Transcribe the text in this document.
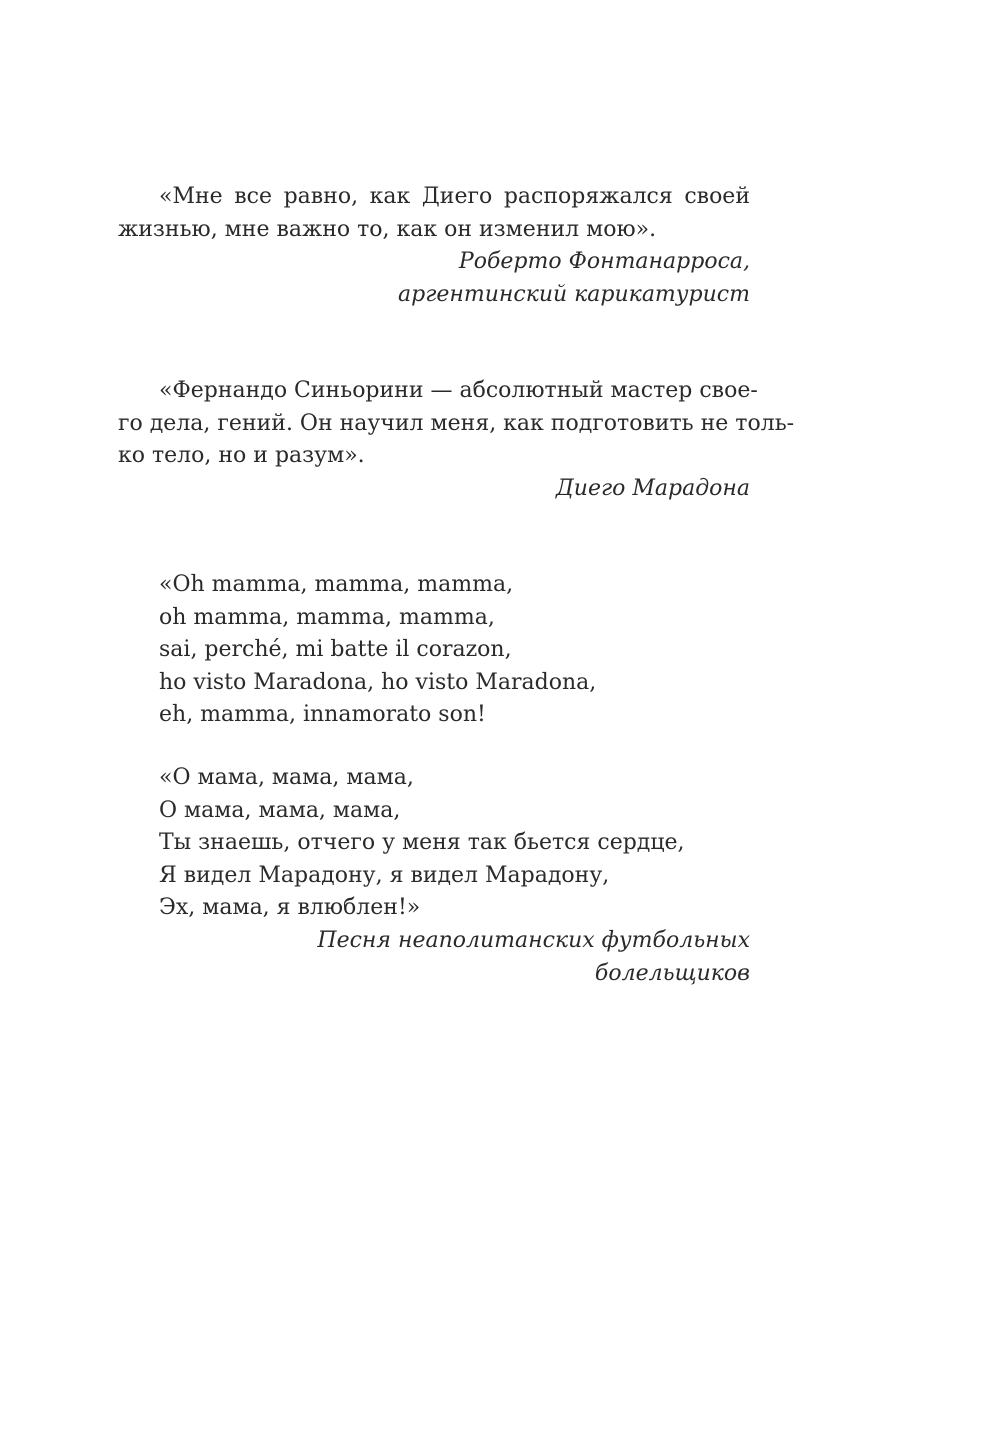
«Мне все равно, как Диего распоряжался своей
жизнью, мне важно то, как он изменил мою».
Роберто Фонтанарроса,
аргентинский карикатурист
«Фернандо Синьорини — абсолютный мастер свое-
го дела, гений. Он научил меня, как подготовить не толь-
ко тело, но и разум».
Диего Марадона
«Oh mamma, mamma, mamma,
oh mamma, mamma, mamma,
sai, perché, mi batte il corazon,
ho visto Maradona, ho visto Maradona,
eh, mamma, innamorato son!
«О мама, мама, мама,
О мама, мама, мама,
Ты знаешь, отчего у меня так бьется сердце,
Я видел Марадону, я видел Марадону,
Эх, мама, я влюблен!»
Песня неаполитанских футбольных
болельщиков
